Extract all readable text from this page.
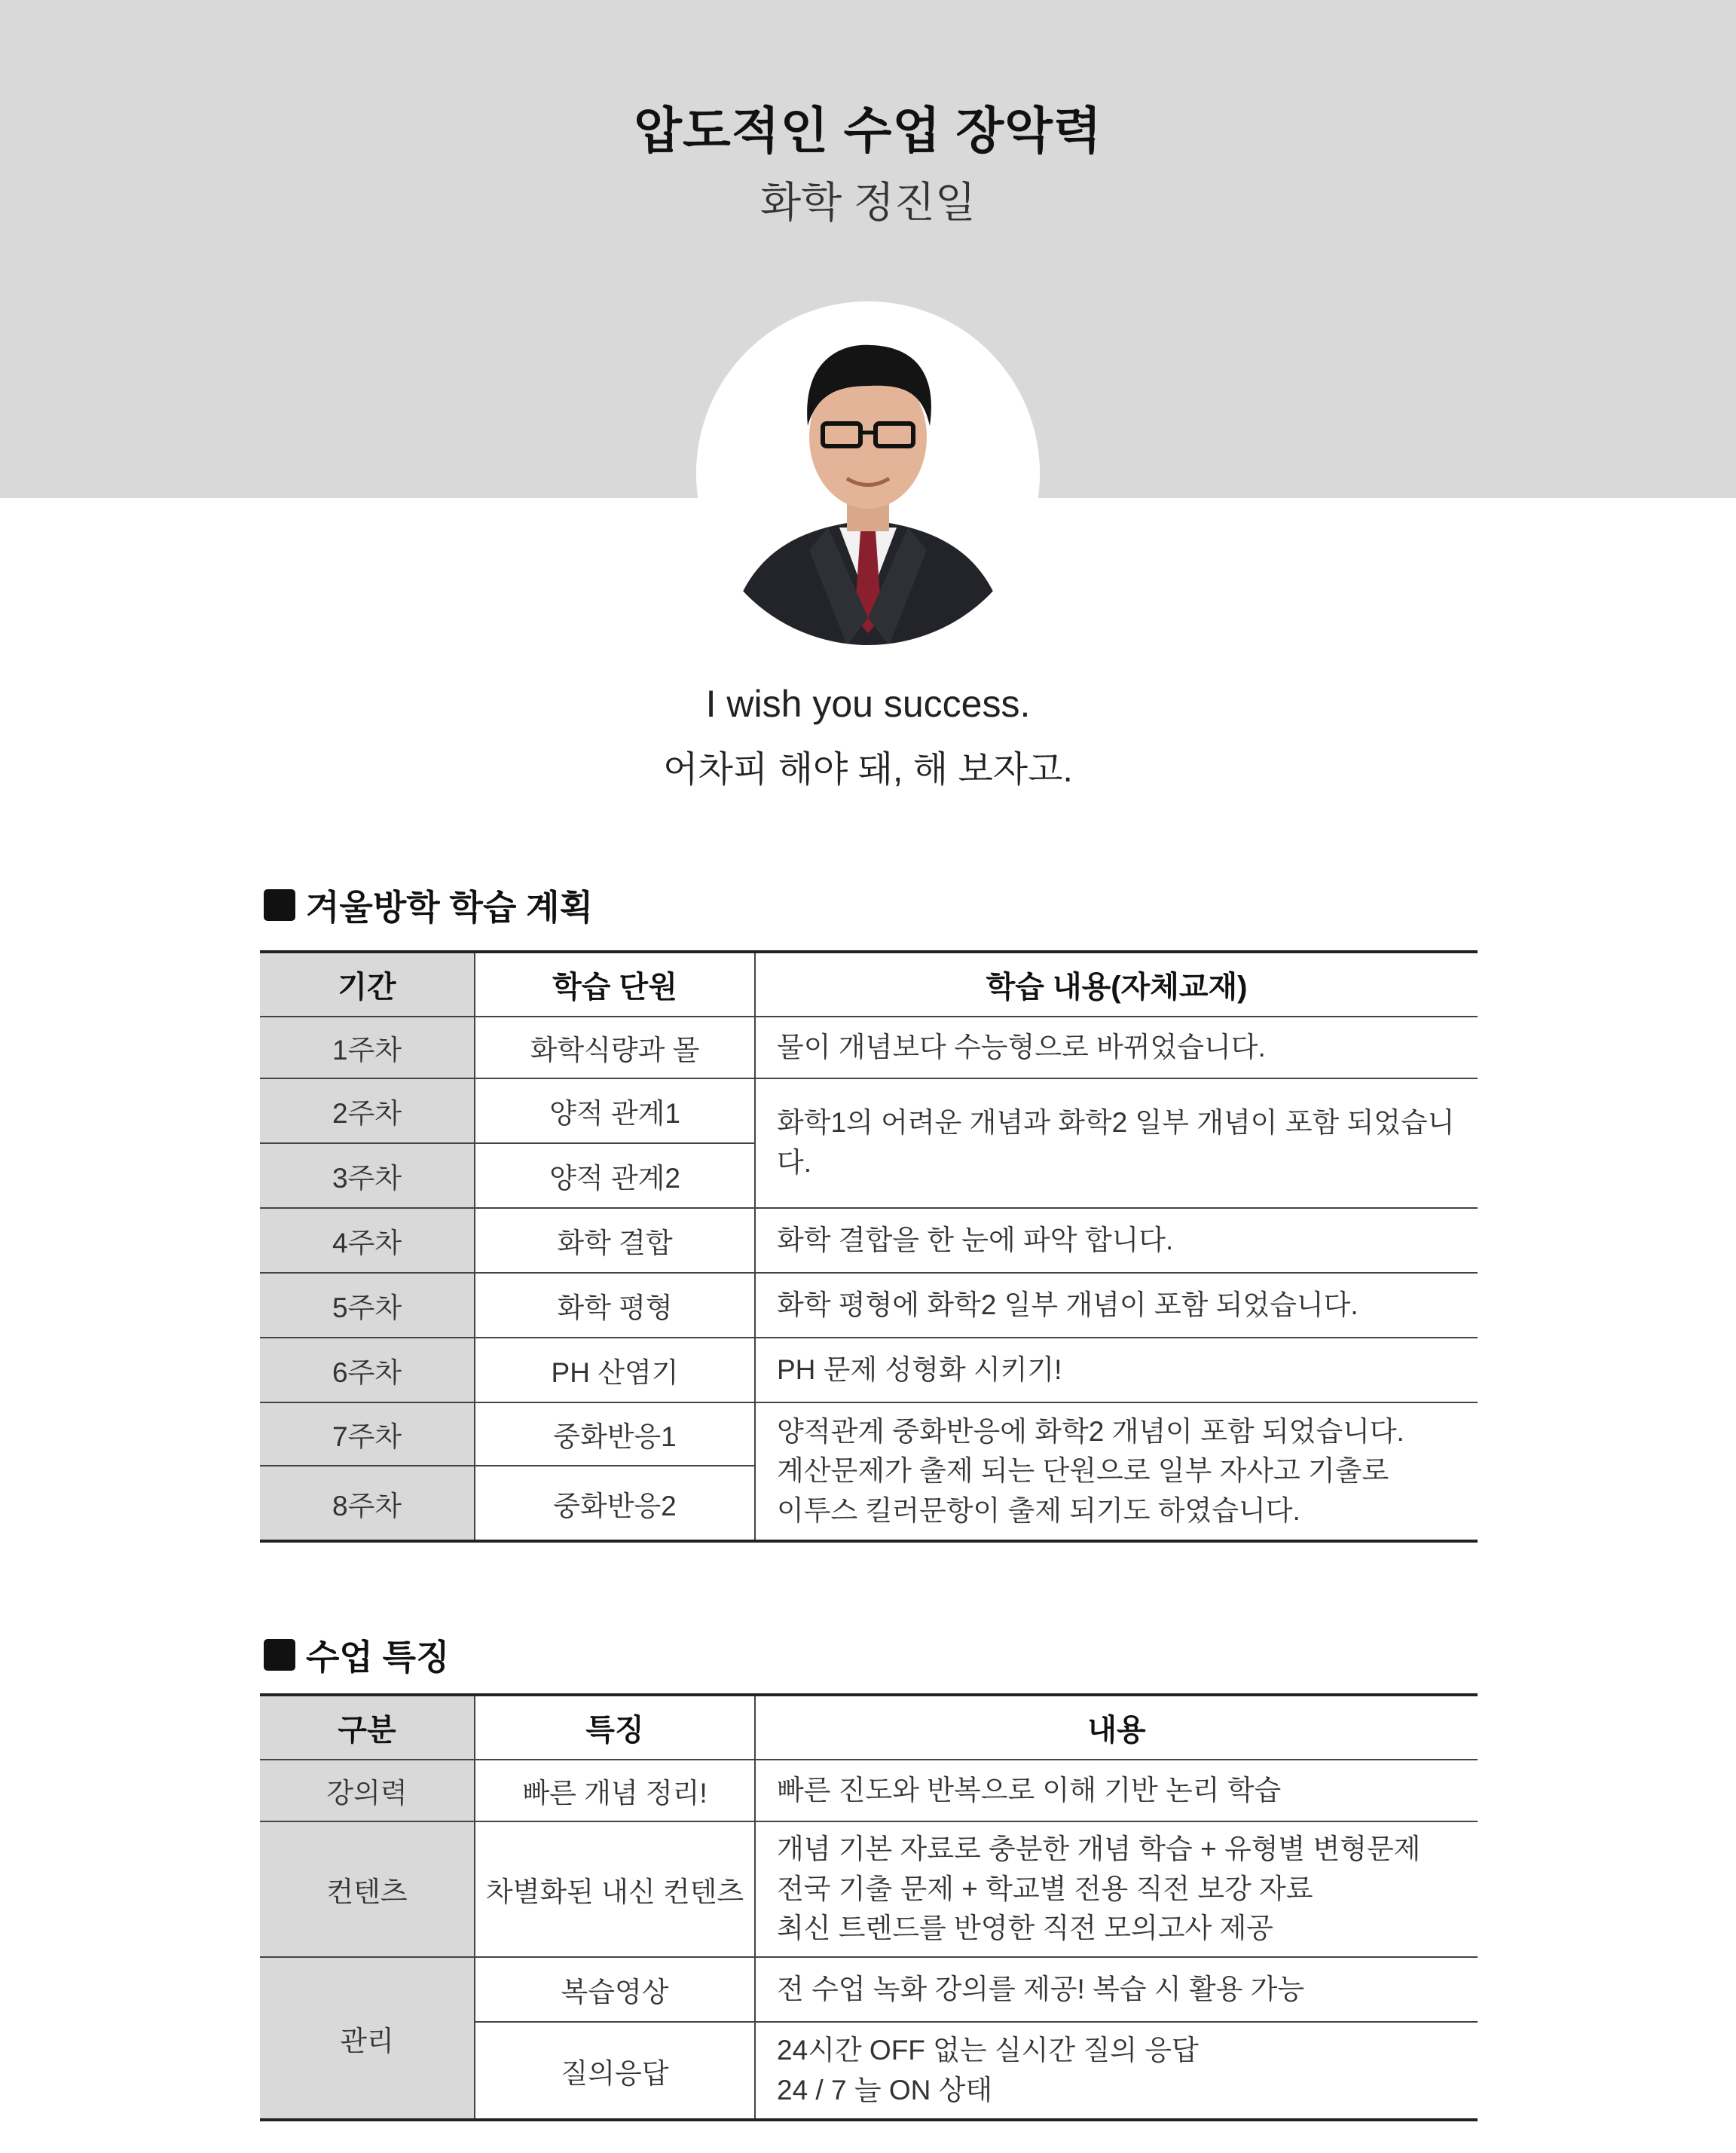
압도적인 수업 장악력
화학 정진일
I wish you success.
어차피 해야 돼, 해 보자고.
겨울방학 학습 계획
기간	학습 단원	학습 내용(자체교재)
1주차	화학식량과 몰	물이 개념보다 수능형으로 바뀌었습니다.
2주차	양적 관계1	화학1의 어려운 개념과 화학2 일부 개념이 포함 되었습니다.
3주차	양적 관계2	
4주차	화학 결합	화학 결합을 한 눈에 파악 합니다.
5주차	화학 평형	화학 평형에 화학2 일부 개념이 포함 되었습니다.
6주차	PH 산염기	PH 문제 성형화 시키기!
7주차	중화반응1	양적관계 중화반응에 화학2 개념이 포함 되었습니다.
계산문제가 출제 되는 단원으로 일부 자사고 기출로
이투스 킬러문항이 출제 되기도 하였습니다.

8주차	중화반응2	
수업 특징
구분	특징	내용
강의력	빠른 개념 정리!	빠른 진도와 반복으로 이해 기반 논리 학습

컨텐츠	차별화된 내신 컨텐츠	개념 기본 자료로 충분한 개념 학습 + 유형별 변형문제
전국 기출 문제 + 학교별 전용 직전 보강 자료
최신 트렌드를 반영한 직전 모의고사 제공

관리	복습영상	전 수업 녹화 강의를 제공! 복습 시 활용 가능

	질의응답	24시간 OFF 없는 실시간 질의 응답
24 / 7 늘 ON 상태
